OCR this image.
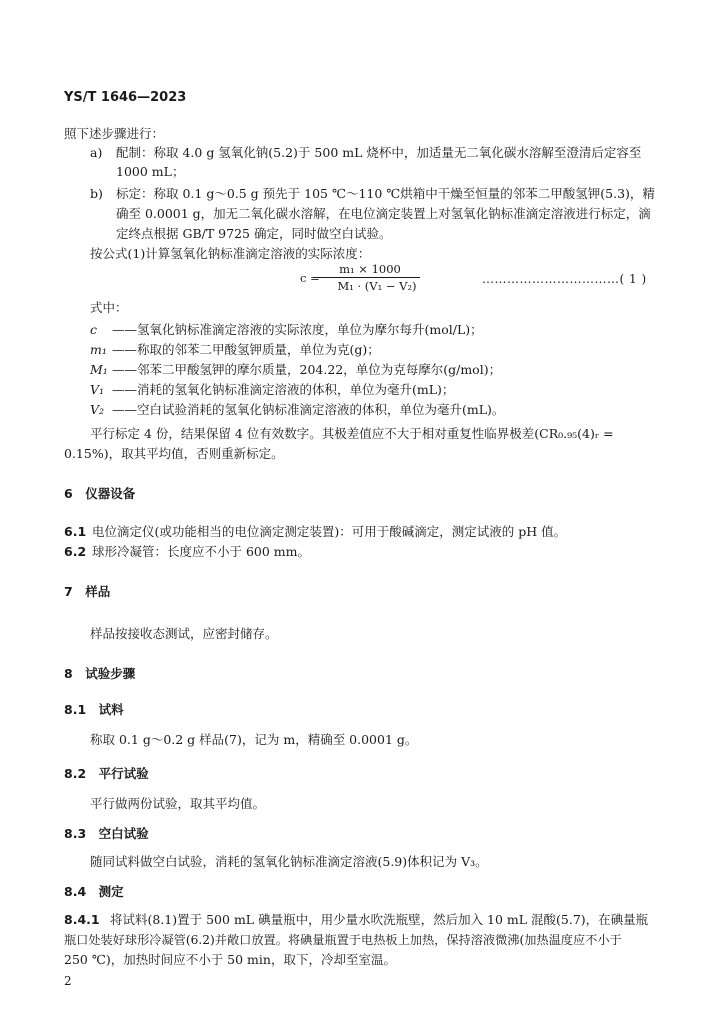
YS/T 1646—2023
照下述步骤进行：
a) 配制：称取 4.0 g 氢氧化钠(5.2)于 500 mL 烧杯中，加适量无二氧化碳水溶解至澄清后定容至
1000 mL；
b) 标定：称取 0.1 g～0.5 g 预先于 105 ℃～110 ℃烘箱中干燥至恒量的邻苯二甲酸氢钾(5.3)，精
确至 0.0001 g，加无二氧化碳水溶解，在电位滴定装置上对氢氧化钠标准滴定溶液进行标定，滴
定终点根据 GB/T 9725 确定，同时做空白试验。
按公式(1)计算氢氧化钠标准滴定溶液的实际浓度：
c =
m₁ × 1000
M₁ · (V₁ − V₂)	……………………………( 1 )
式中：
c ——氢氧化钠标准滴定溶液的实际浓度，单位为摩尔每升(mol/L)；
m₁ ——称取的邻苯二甲酸氢钾质量，单位为克(g)；
M₁ ——邻苯二甲酸氢钾的摩尔质量，204.22，单位为克每摩尔(g/mol)；
V₁ ——消耗的氢氧化钠标准滴定溶液的体积，单位为毫升(mL)；
V₂ ——空白试验消耗的氢氧化钠标准滴定溶液的体积，单位为毫升(mL)。
平行标定 4 份，结果保留 4 位有效数字。其极差值应不大于相对重复性临界极差(CR₀.₉₅(4)ᵣ =
0.15%)，取其平均值，否则重新标定。
6　仪器设备
6.1 电位滴定仪(或功能相当的电位滴定测定装置)：可用于酸碱滴定，测定试液的 pH 值。
6.2 球形冷凝管：长度应不小于 600 mm。
7　样品
样品按接收态测试，应密封储存。
8　试验步骤
8.1　试料
称取 0.1 g～0.2 g 样品(7)，记为 m，精确至 0.0001 g。
8.2　平行试验
平行做两份试验，取其平均值。
8.3　空白试验
随同试料做空白试验，消耗的氢氧化钠标准滴定溶液(5.9)体积记为 V₃。
8.4　测定
8.4.1 将试料(8.1)置于 500 mL 碘量瓶中，用少量水吹洗瓶壁，然后加入 10 mL 混酸(5.7)，在碘量瓶
瓶口处装好球形冷凝管(6.2)并敞口放置。将碘量瓶置于电热板上加热，保持溶液微沸(加热温度应不小于
250 ℃)，加热时间应不小于 50 min，取下，冷却至室温。
2
